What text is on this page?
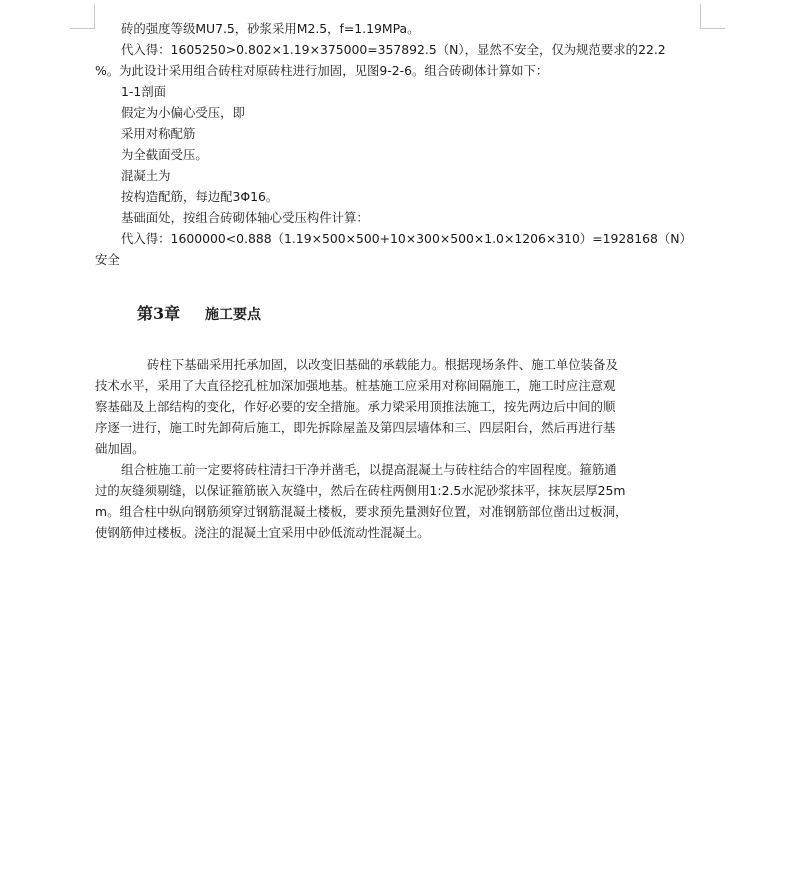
砖的强度等级MU7.5，砂浆采用M2.5，f=1.19MPa。
代入得：1605250>0.802×1.19×375000=357892.5（N），显然不安全，仅为规范要求的22.2
%。为此设计采用组合砖柱对原砖柱进行加固，见图9-2-6。组合砖砌体计算如下：
1-1剖面
假定为小偏心受压，即
采用对称配筋
为全截面受压。
混凝土为
按构造配筋，每边配3Φ16。
基础面处，按组合砖砌体轴心受压构件计算：
代入得：1600000<0.888（1.19×500×500+10×300×500×1.0×1206×310）=1928168（N）
安全
第3章 施工要点
砖柱下基础采用托承加固，以改变旧基础的承载能力。根据现场条件、施工单位装备及
技术水平，采用了大直径挖孔桩加深加强地基。桩基施工应采用对称间隔施工，施工时应注意观
察基础及上部结构的变化，作好必要的安全措施。承力梁采用顶推法施工，按先两边后中间的顺
序逐一进行，施工时先卸荷后施工，即先拆除屋盖及第四层墙体和三、四层阳台，然后再进行基
础加固。
组合桩施工前一定要将砖柱清扫干净并凿毛，以提高混凝土与砖柱结合的牢固程度。箍筋通
过的灰缝须剔缝，以保证箍筋嵌入灰缝中，然后在砖柱两侧用1:2.5水泥砂浆抹平，抹灰层厚25m
m。组合柱中纵向钢筋须穿过钢筋混凝土楼板，要求预先量测好位置，对准钢筋部位凿出过板洞，
使钢筋伸过楼板。浇注的混凝土宜采用中砂低流动性混凝土。
